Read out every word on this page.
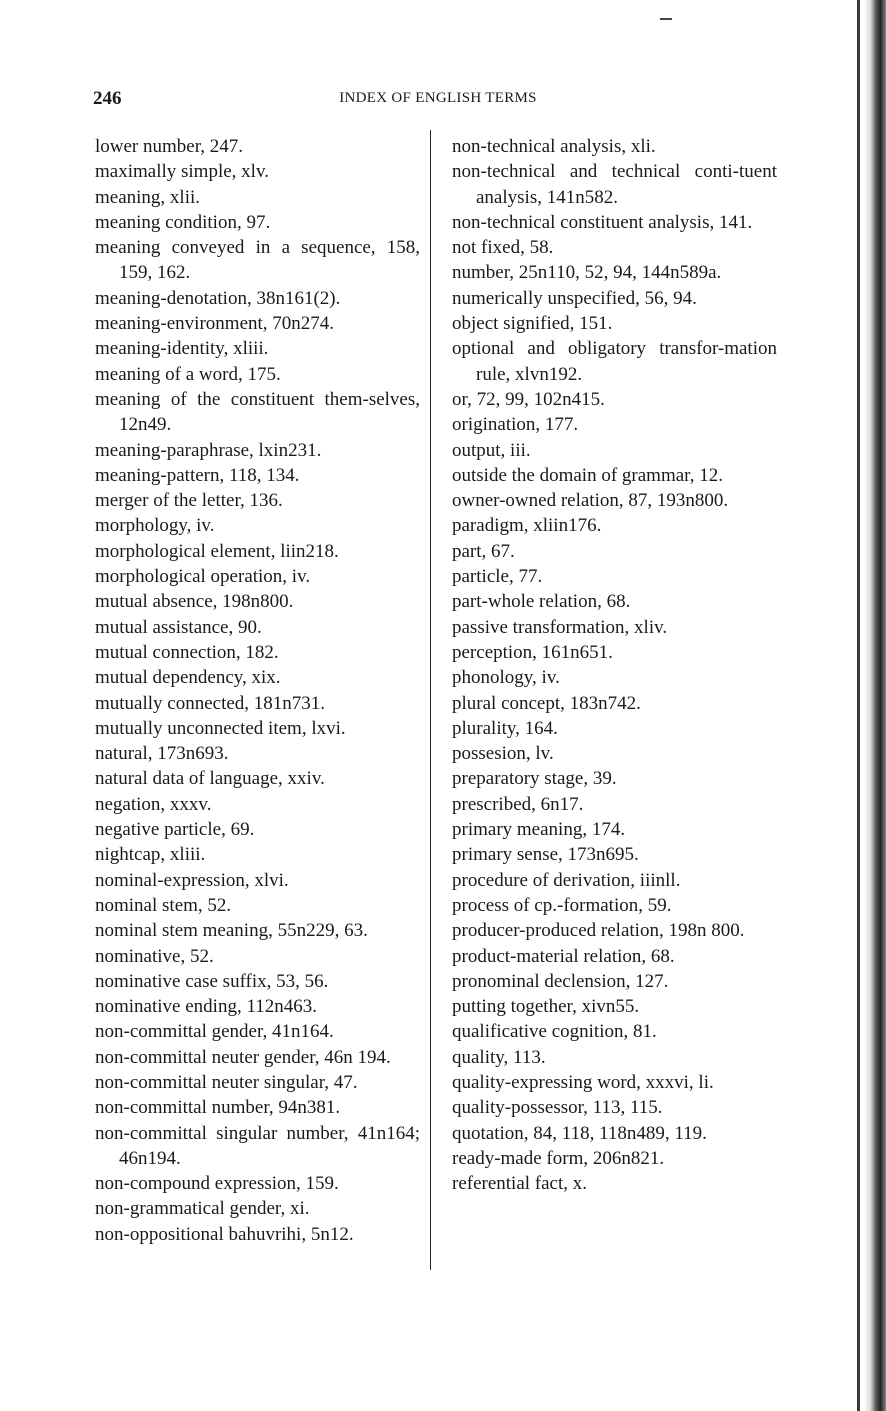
246	INDEX OF ENGLISH TERMS
lower number, 247.
maximally simple, xlv.
meaning, xlii.
meaning condition, 97.
meaning conveyed in a sequence, 158, 159, 162.
meaning-denotation, 38n161(2).
meaning-environment, 70n274.
meaning-identity, xliii.
meaning of a word, 175.
meaning of the constituent them-selves, 12n49.
meaning-paraphrase, lxin231.
meaning-pattern, 118, 134.
merger of the letter, 136.
morphology, iv.
morphological element, liin218.
morphological operation, iv.
mutual absence, 198n800.
mutual assistance, 90.
mutual connection, 182.
mutual dependency, xix.
mutually connected, 181n731.
mutually unconnected item, lxvi.
natural, 173n693.
natural data of language, xxiv.
negation, xxxv.
negative particle, 69.
nightcap, xliii.
nominal-expression, xlvi.
nominal stem, 52.
nominal stem meaning, 55n229, 63.
nominative, 52.
nominative case suffix, 53, 56.
nominative ending, 112n463.
non-committal gender, 41n164.
non-committal neuter gender, 46n 194.
non-committal neuter singular, 47.
non-committal number, 94n381.
non-committal singular number, 41n164; 46n194.
non-compound expression, 159.
non-grammatical gender, xi.
non-oppositional bahuvrihi, 5n12.
non-technical analysis, xli.
non-technical and technical conti-tuent analysis, 141n582.
non-technical constituent analysis, 141.
not fixed, 58.
number, 25n110, 52, 94, 144n589a.
numerically unspecified, 56, 94.
object signified, 151.
optional and obligatory transfor-mation rule, xlvn192.
or, 72, 99, 102n415.
origination, 177.
output, iii.
outside the domain of grammar, 12.
owner-owned relation, 87, 193n800.
paradigm, xliin176.
part, 67.
particle, 77.
part-whole relation, 68.
passive transformation, xliv.
perception, 161n651.
phonology, iv.
plural concept, 183n742.
plurality, 164.
possesion, lv.
preparatory stage, 39.
prescribed, 6n17.
primary meaning, 174.
primary sense, 173n695.
procedure of derivation, iiinll.
process of cp.-formation, 59.
producer-produced relation, 198n 800.
product-material relation, 68.
pronominal declension, 127.
putting together, xivn55.
qualificative cognition, 81.
quality, 113.
quality-expressing word, xxxvi, li.
quality-possessor, 113, 115.
quotation, 84, 118, 118n489, 119.
ready-made form, 206n821.
referential fact, x.
